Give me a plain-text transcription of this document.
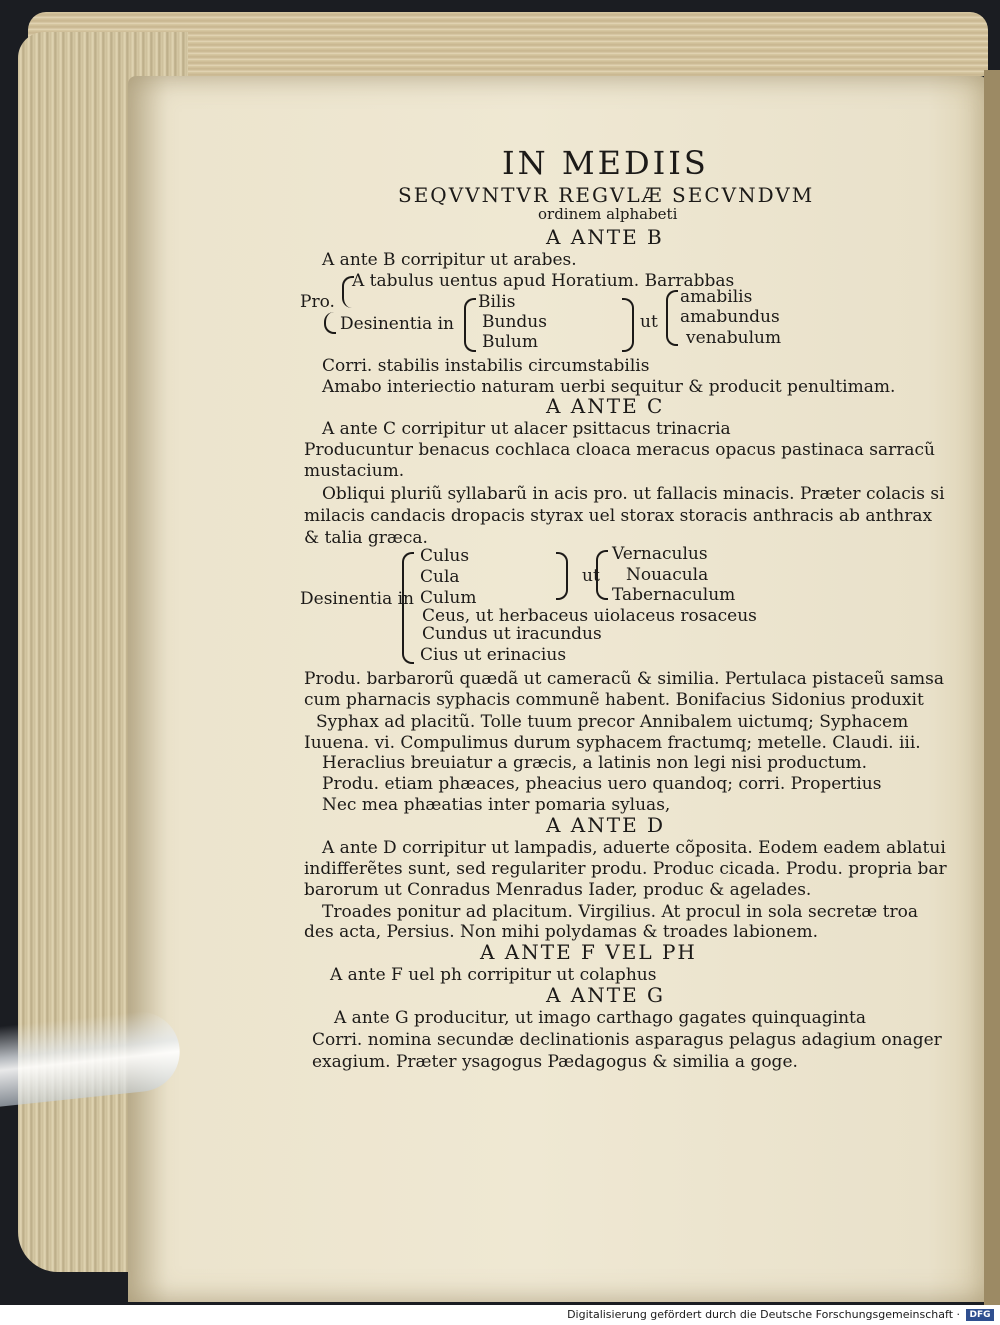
IN MEDIIS
SEQVVNTVR REGVLÆ SECVNDVM
ordinem alphabeti
A ANTE B
A ante B corripitur ut arabes.
A tabulus uentus apud Horatium. Barrabbas
Pro.	Bilis	amabilis
Desinentia in Bundus	ut amabundus
Bulum	venabulum
Corri. stabilis instabilis circumstabilis
Amabo interiectio naturam uerbi sequitur & producit penultimam.
A ANTE C
A ante C corripitur ut alacer psittacus trinacria
Producuntur benacus cochlaca cloaca meracus opacus pastinaca sarracũ
mustacium.
Obliqui pluriũ syllabarũ in acis pro. ut fallacis minacis. Præter colacis si
milacis candacis dropacis styrax uel storax storacis anthracis ab anthrax
& talia græca.
Culus	Vernaculus
Cula	ut Nouacula
Desinentia in Culum	Tabernaculum
Ceus, ut herbaceus uiolaceus rosaceus
Cundus ut iracundus
Cius ut erinacius
Produ. barbarorũ quædã ut cameracũ & similia. Pertulaca pistaceũ samsa
cum pharnacis syphacis communẽ habent. Bonifacius Sidonius produxit
Syphax ad placitũ. Tolle tuum precor Annibalem uictumq; Syphacem
Iuuena. vi. Compulimus durum syphacem fractumq; metelle. Claudi. iii.
Heraclius breuiatur a græcis, a latinis non legi nisi productum.
Produ. etiam phæaces, pheacius uero quandoq; corri. Propertius
Nec mea phæatias inter pomaria syluas,
A ANTE D
A ante D corripitur ut lampadis, aduerte cõposita. Eodem eadem ablatui
indifferẽtes sunt, sed regulariter produ. Produc cicada. Produ. propria bar
barorum ut Conradus Menradus Iader, produc & agelades.
Troades ponitur ad placitum. Virgilius. At procul in sola secretæ troa
des acta, Persius. Non mihi polydamas & troades labionem.
A ANTE F VEL PH
A ante F uel ph corripitur ut colaphus
A ANTE G
A ante G producitur, ut imago carthago gagates quinquaginta
Corri. nomina secundæ declinationis asparagus pelagus adagium onager
exagium. Præter ysagogus Pædagogus & similia a goge.
Digitalisierung gefördert durch die Deutsche Forschungsgemeinschaft ·	DFG
